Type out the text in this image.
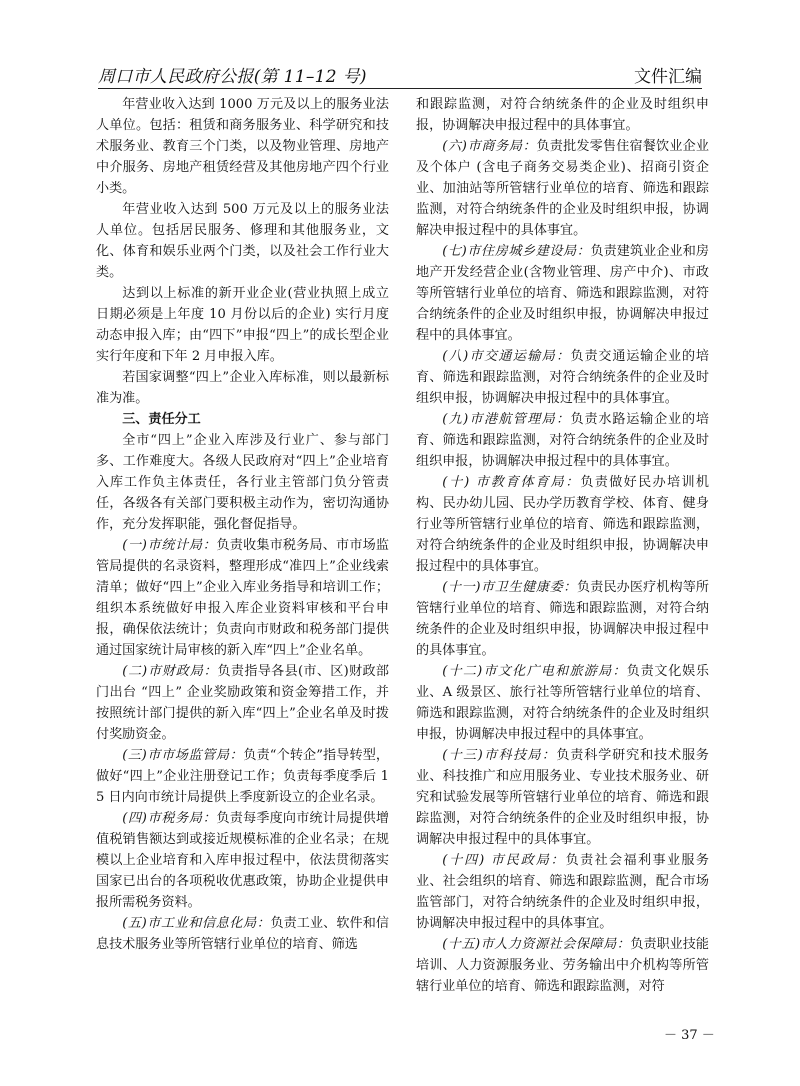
周口市人民政府公报(第 11–12 号)	文件汇编

年营业收入达到 1000 万元及以上的服务业法人单位。包括：租赁和商务服务业、科学研究和技术服务业、教育三个门类，以及物业管理、房地产中介服务、房地产租赁经营及其他房地产四个行业小类。

年营业收入达到 500 万元及以上的服务业法人单位。包括居民服务、修理和其他服务业，文化、体育和娱乐业两个门类，以及社会工作行业大类。

达到以上标准的新开业企业(营业执照上成立日期必须是上年度 10 月份以后的企业) 实行月度动态申报入库；由“四下”申报“四上”的成长型企业实行年度和下年 2 月申报入库。

若国家调整“四上”企业入库标准，则以最新标准为准。

三、责任分工

全市“四上”企业入库涉及行业广、参与部门多、工作难度大。各级人民政府对“四上”企业培育入库工作负主体责任，各行业主管部门负分管责任，各级各有关部门要积极主动作为，密切沟通协作，充分发挥职能，强化督促指导。

(一)市统计局：负责收集市税务局、市市场监管局提供的名录资料，整理形成“准四上”企业线索清单；做好“四上”企业入库业务指导和培训工作；组织本系统做好申报入库企业资料审核和平台申报，确保依法统计；负责向市财政和税务部门提供通过国家统计局审核的新入库“四上”企业名单。

(二)市财政局：负责指导各县(市、区)财政部门出台 “四上” 企业奖励政策和资金筹措工作，并按照统计部门提供的新入库“四上”企业名单及时拨付奖励资金。

(三)市市场监管局：负责“个转企”指导转型，做好“四上”企业注册登记工作；负责每季度季后 15 日内向市统计局提供上季度新设立的企业名录。

(四)市税务局：负责每季度向市统计局提供增值税销售额达到或接近规模标准的企业名录；在规模以上企业培育和入库申报过程中，依法贯彻落实国家已出台的各项税收优惠政策，协助企业提供申报所需税务资料。

(五)市工业和信息化局：负责工业、软件和信息技术服务业等所管辖行业单位的培育、筛选

和跟踪监测，对符合纳统条件的企业及时组织申报，协调解决申报过程中的具体事宜。

(六)市商务局：负责批发零售住宿餐饮业企业及个体户 (含电子商务交易类企业)、招商引资企业、加油站等所管辖行业单位的培育、筛选和跟踪监测，对符合纳统条件的企业及时组织申报，协调解决申报过程中的具体事宜。

(七)市住房城乡建设局：负责建筑业企业和房地产开发经营企业(含物业管理、房产中介)、市政等所管辖行业单位的培育、筛选和跟踪监测，对符合纳统条件的企业及时组织申报，协调解决申报过程中的具体事宜。

(八)市交通运输局：负责交通运输企业的培育、筛选和跟踪监测，对符合纳统条件的企业及时组织申报，协调解决申报过程中的具体事宜。

(九)市港航管理局：负责水路运输企业的培育、筛选和跟踪监测，对符合纳统条件的企业及时组织申报，协调解决申报过程中的具体事宜。

(十) 市教育体育局：负责做好民办培训机构、民办幼儿园、民办学历教育学校、体育、健身行业等所管辖行业单位的培育、筛选和跟踪监测，对符合纳统条件的企业及时组织申报，协调解决申报过程中的具体事宜。

(十一)市卫生健康委：负责民办医疗机构等所管辖行业单位的培育、筛选和跟踪监测，对符合纳统条件的企业及时组织申报，协调解决申报过程中的具体事宜。

(十二)市文化广电和旅游局：负责文化娱乐业、A 级景区、旅行社等所管辖行业单位的培育、筛选和跟踪监测，对符合纳统条件的企业及时组织申报，协调解决申报过程中的具体事宜。

(十三)市科技局：负责科学研究和技术服务业、科技推广和应用服务业、专业技术服务业、研究和试验发展等所管辖行业单位的培育、筛选和跟踪监测，对符合纳统条件的企业及时组织申报，协调解决申报过程中的具体事宜。

(十四) 市民政局：负责社会福利事业服务业、社会组织的培育、筛选和跟踪监测，配合市场监管部门，对符合纳统条件的企业及时组织申报，协调解决申报过程中的具体事宜。

(十五)市人力资源社会保障局：负责职业技能培训、人力资源服务业、劳务输出中介机构等所管辖行业单位的培育、筛选和跟踪监测，对符

－ 37 －
